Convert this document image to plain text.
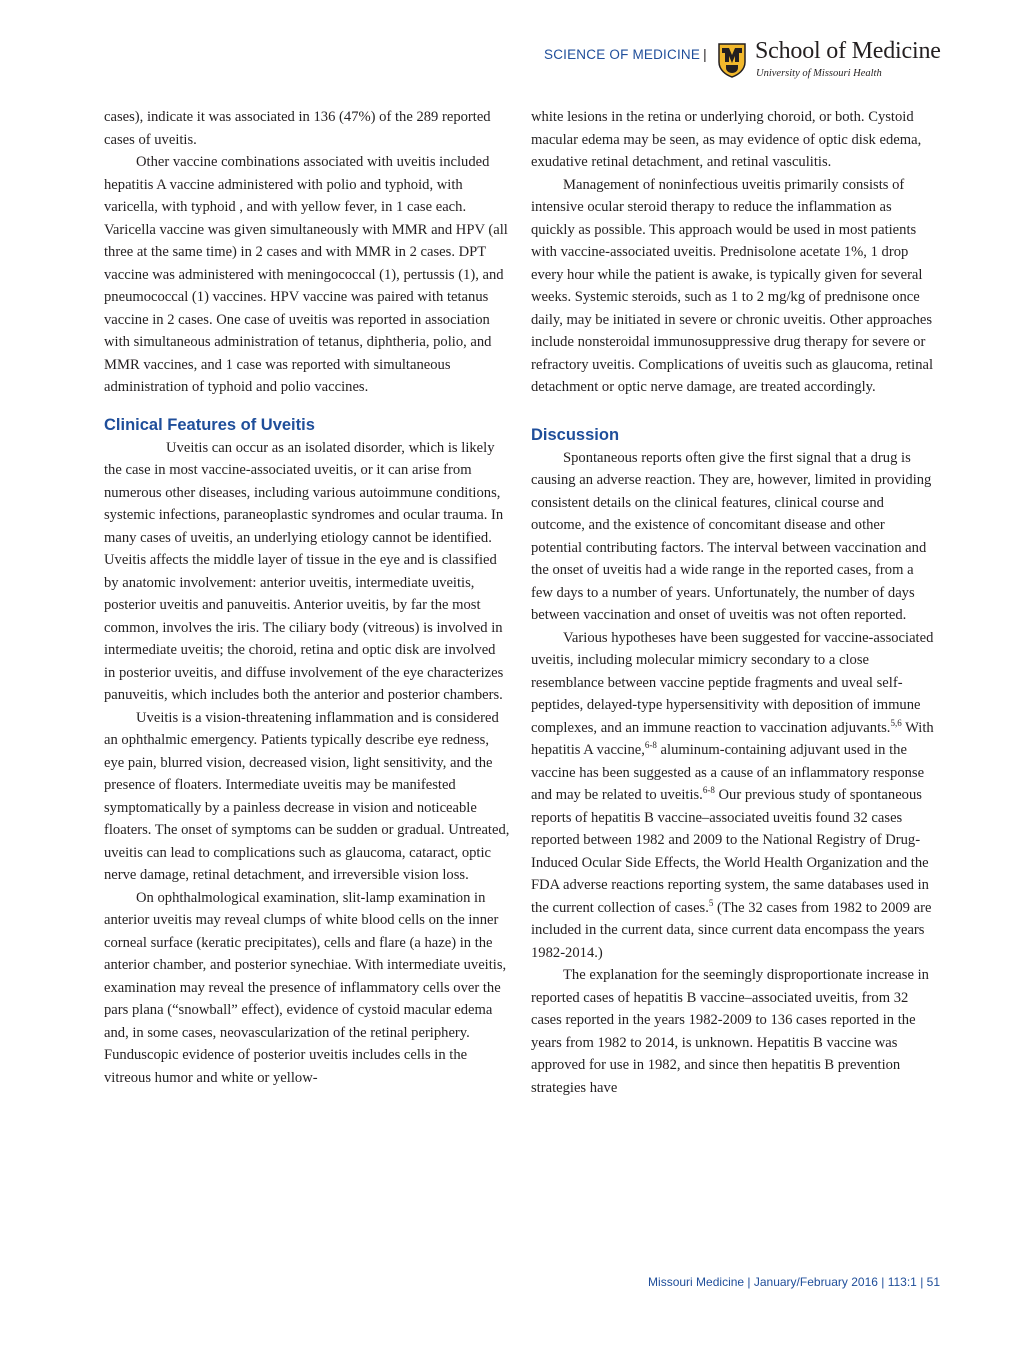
SCIENCE OF MEDICINE | School of Medicine
University of Missouri Health

cases), indicate it was associated in 136 (47%) of the 289 reported cases of uveitis.

Other vaccine combinations associated with uveitis included hepatitis A vaccine administered with polio and typhoid, with varicella, with typhoid , and with yellow fever, in 1 case each. Varicella vaccine was given simultaneously with MMR and HPV (all three at the same time) in 2 cases and with MMR in 2 cases. DPT vaccine was administered with meningococcal (1), pertussis (1), and pneumococcal (1) vaccines. HPV vaccine was paired with tetanus vaccine in 2 cases. One case of uveitis was reported in association with simultaneous administration of tetanus, diphtheria, polio, and MMR vaccines, and 1 case was reported with simultaneous administration of typhoid and polio vaccines.

Clinical Features of Uveitis

Uveitis can occur as an isolated disorder, which is likely the case in most vaccine-associated uveitis, or it can arise from numerous other diseases, including various autoimmune conditions, systemic infections, paraneoplastic syndromes and ocular trauma. In many cases of uveitis, an underlying etiology cannot be identified. Uveitis affects the middle layer of tissue in the eye and is classified by anatomic involvement: anterior uveitis, intermediate uveitis, posterior uveitis and panuveitis. Anterior uveitis, by far the most common, involves the iris. The ciliary body (vitreous) is involved in intermediate uveitis; the choroid, retina and optic disk are involved in posterior uveitis, and diffuse involvement of the eye characterizes panuveitis, which includes both the anterior and posterior chambers.

Uveitis is a vision-threatening inflammation and is considered an ophthalmic emergency. Patients typically describe eye redness, eye pain, blurred vision, decreased vision, light sensitivity, and the presence of floaters. Intermediate uveitis may be manifested symptomatically by a painless decrease in vision and noticeable floaters. The onset of symptoms can be sudden or gradual. Untreated, uveitis can lead to complications such as glaucoma, cataract, optic nerve damage, retinal detachment, and irreversible vision loss.

On ophthalmological examination, slit-lamp examination in anterior uveitis may reveal clumps of white blood cells on the inner corneal surface (keratic precipitates), cells and flare (a haze) in the anterior chamber, and posterior synechiae. With intermediate uveitis, examination may reveal the presence of inflammatory cells over the pars plana (“snowball” effect), evidence of cystoid macular edema and, in some cases, neovascularization of the retinal periphery. Funduscopic evidence of posterior uveitis includes cells in the vitreous humor and white or yellow-

white lesions in the retina or underlying choroid, or both. Cystoid macular edema may be seen, as may evidence of optic disk edema, exudative retinal detachment, and retinal vasculitis.

Management of noninfectious uveitis primarily consists of intensive ocular steroid therapy to reduce the inflammation as quickly as possible. This approach would be used in most patients with vaccine-associated uveitis. Prednisolone acetate 1%, 1 drop every hour while the patient is awake, is typically given for several weeks. Systemic steroids, such as 1 to 2 mg/kg of prednisone once daily, may be initiated in severe or chronic uveitis. Other approaches include nonsteroidal immunosuppressive drug therapy for severe or refractory uveitis. Complications of uveitis such as glaucoma, retinal detachment or optic nerve damage, are treated accordingly.

Discussion

Spontaneous reports often give the first signal that a drug is causing an adverse reaction. They are, however, limited in providing consistent details on the clinical features, clinical course and outcome, and the existence of concomitant disease and other potential contributing factors. The interval between vaccination and the onset of uveitis had a wide range in the reported cases, from a few days to a number of years. Unfortunately, the number of days between vaccination and onset of uveitis was not often reported.

Various hypotheses have been suggested for vaccine-associated uveitis, including molecular mimicry secondary to a close resemblance between vaccine peptide fragments and uveal self-peptides, delayed-type hypersensitivity with deposition of immune complexes, and an immune reaction to vaccination adjuvants.$^{5,6}$ With hepatitis A vaccine,$^{6-8}$ aluminum-containing adjuvant used in the vaccine has been suggested as a cause of an inflammatory response and may be related to uveitis.$^{6-8}$ Our previous study of spontaneous reports of hepatitis B vaccine–associated uveitis found 32 cases reported between 1982 and 2009 to the National Registry of Drug-Induced Ocular Side Effects, the World Health Organization and the FDA adverse reactions reporting system, the same databases used in the current collection of cases.$^5$ (The 32 cases from 1982 to 2009 are included in the current data, since current data encompass the years 1982-2014.)

The explanation for the seemingly disproportionate increase in reported cases of hepatitis B vaccine–associated uveitis, from 32 cases reported in the years 1982-2009 to 136 cases reported in the years from 1982 to 2014, is unknown. Hepatitis B vaccine was approved for use in 1982, and since then hepatitis B prevention strategies have

Missouri Medicine | January/February 2016 | 113:1 | 51
